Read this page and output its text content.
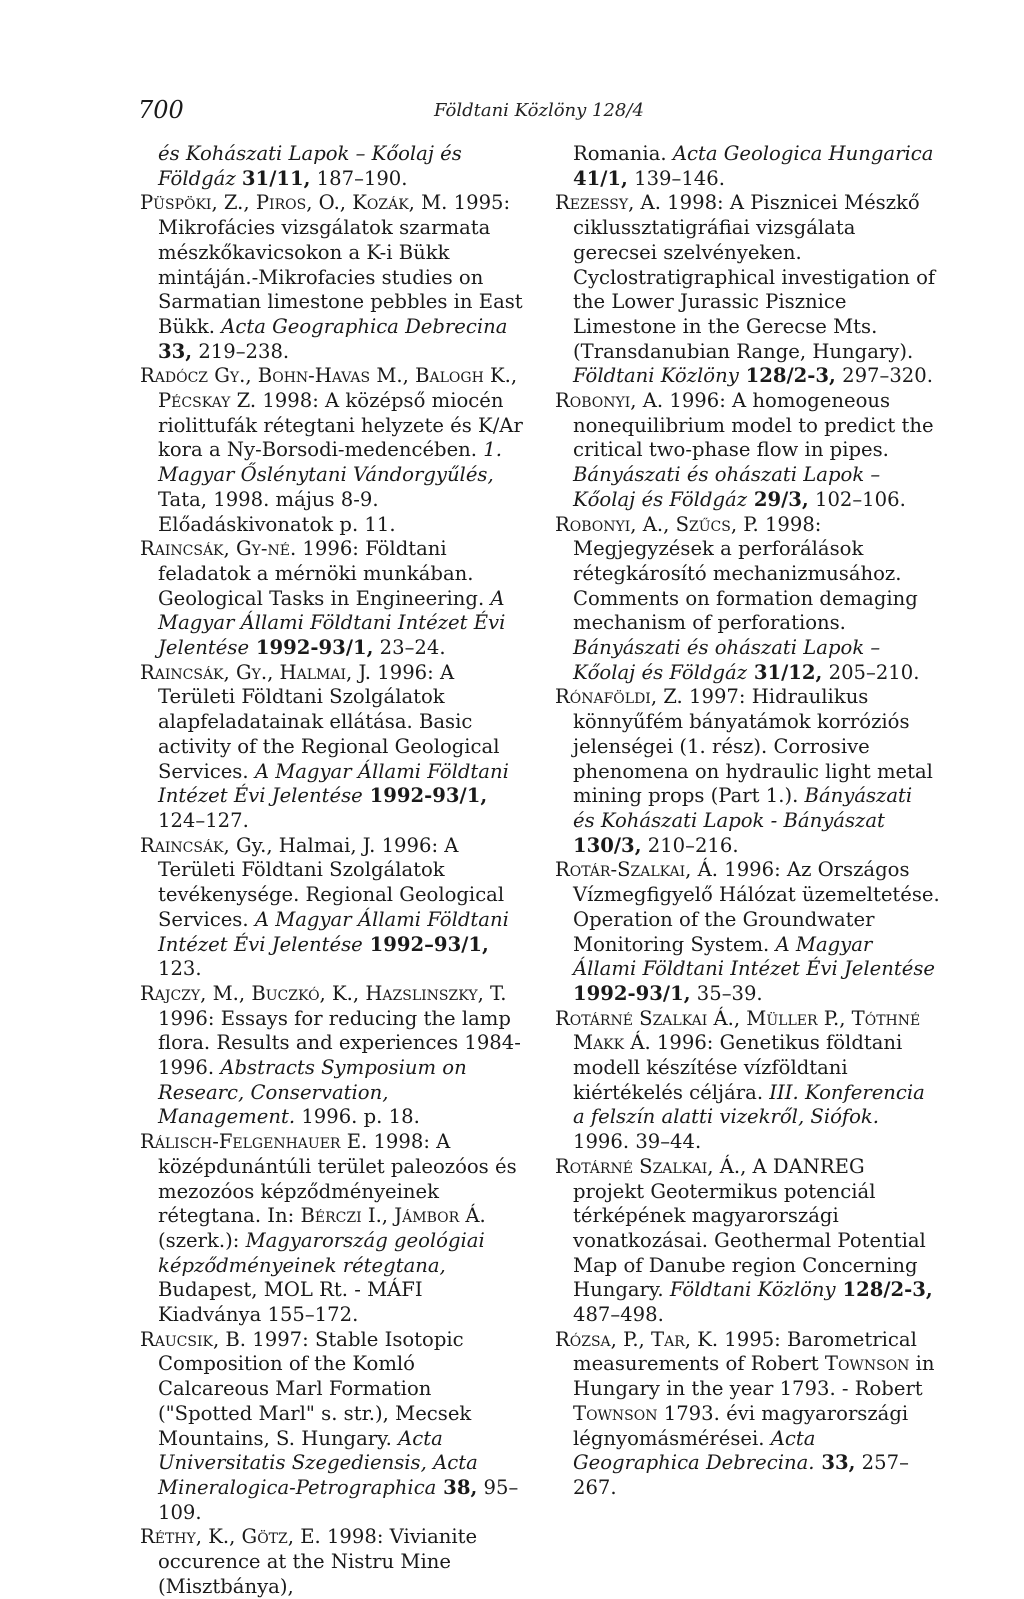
700	Földtani Közlöny 128/4

és Kohászati Lapok – Kőolaj és Földgáz 31/11, 187–190.

Püspöki, Z., Piros, O., Kozák, M. 1995: Mikrofácies vizsgálatok szarmata mészkőkavicsokon a K-i Bükk mintáján.-Mikrofacies studies on Sarmatian limestone pebbles in East Bükk. Acta Geographica Debrecina 33, 219–238.

Radócz Gy., Bohn-Havas M., Balogh K., Pécskay Z. 1998: A középső miocén riolittufák rétegtani helyzete és K/Ar kora a Ny-Borsodi-medencében. 1. Magyar Őslénytani Vándorgyűlés, Tata, 1998. május 8-9. Előadáskivonatok p. 11.

Raincsák, Gy-né. 1996: Földtani feladatok a mérnöki munkában. Geological Tasks in Engineering. A Magyar Állami Földtani Intézet Évi Jelentése 1992-93/1, 23–24.

Raincsák, Gy., Halmai, J. 1996: A Területi Földtani Szolgálatok alapfeladatainak ellátása. Basic activity of the Regional Geological Services. A Magyar Állami Földtani Intézet Évi Jelentése 1992-93/1, 124–127.

Raincsák, Gy., Halmai, J. 1996: A Területi Földtani Szolgálatok tevékenysége. Regional Geological Services. A Magyar Állami Földtani Intézet Évi Jelentése 1992–93/1, 123.

Rajczy, M., Buczkó, K., Hazslinszky, T. 1996: Essays for reducing the lamp flora. Results and experiences 1984-1996. Abstracts Symposium on Researc, Conservation, Management. 1996. p. 18.

Rálisch-Felgenhauer E. 1998: A középdunántúli terület paleozóos és mezozóos képződményeinek rétegtana. In: Bérczi I., Jámbor Á. (szerk.): Magyarország geológiai képződményeinek rétegtana, Budapest, MOL Rt. - MÁFI Kiadványa 155–172.

Raucsik, B. 1997: Stable Isotopic Composition of the Komló Calcareous Marl Formation ("Spotted Marl" s. str.), Mecsek Mountains, S. Hungary. Acta Universitatis Szegediensis, Acta Mineralogica-Petrographica 38, 95–109.

Réthy, K., Götz, E. 1998: Vivianite occurence at the Nistru Mine (Misztbánya),

Romania. Acta Geologica Hungarica 41/1, 139–146.

Rezessy, A. 1998: A Pisznicei Mészkő ciklussztatigráfiai vizsgálata gerecsei szelvényeken. Cyclostratigraphical investigation of the Lower Jurassic Pisznice Limestone in the Gerecse Mts. (Transdanubian Range, Hungary). Földtani Közlöny 128/2-3, 297–320.

Robonyi, A. 1996: A homogeneous nonequilibrium model to predict the critical two-phase flow in pipes. Bányászati és ohászati Lapok – Kőolaj és Földgáz 29/3, 102–106.

Robonyi, A., Szűcs, P. 1998: Megjegyzések a perforálások rétegkárosító mechanizmusához. Comments on formation demaging mechanism of perforations. Bányászati és ohászati Lapok – Kőolaj és Földgáz 31/12, 205–210.

Rónaföldi, Z. 1997: Hidraulikus könnyűfém bányatámok korróziós jelenségei (1. rész). Corrosive phenomena on hydraulic light metal mining props (Part 1.). Bányászati és Kohászati Lapok - Bányászat 130/3, 210–216.

Rotár-Szalkai, Á. 1996: Az Országos Vízmegfigyelő Hálózat üzemeltetése. Operation of the Groundwater Monitoring System. A Magyar Állami Földtani Intézet Évi Jelentése 1992-93/1, 35–39.

Rotárné Szalkai Á., Müller P., Tóthné Makk Á. 1996: Genetikus földtani modell készítése vízföldtani kiértékelés céljára. III. Konferencia a felszín alatti vizekről, Siófok. 1996. 39–44.

Rotárné Szalkai, Á., A DANREG projekt Geotermikus potenciál térképének magyarországi vonatkozásai. Geothermal Potential Map of Danube region Concerning Hungary. Földtani Közlöny 128/2-3, 487–498.

Rózsa, P., Tar, K. 1995: Barometrical measurements of Robert Townson in Hungary in the year 1793. - Robert Townson 1793. évi magyarországi légnyomásmérései. Acta Geographica Debrecina. 33, 257–267.
